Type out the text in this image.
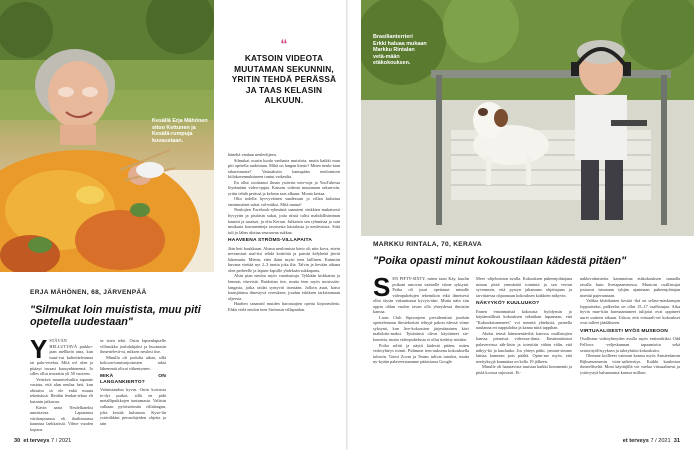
Kesällä Erja Mähönen sitoo Kettunen ja Kesälä-rumpuja kuvaustaan.
“
KATSOIN VIDEOTA MUUTAMAN SEKUNNIN, YRITIN TEHDÄ PERÄSSÄ JA TAAS KELASIN ALKUUN.
ERJA MÄHÖNEN, 68, JÄRVENPÄÄ
"Silmukat loin muistista, muu piti opetella uudestaan"

YSTÄVÄN HELLUTTAVÄ puikko-jaan mellkein aina, kun tutui-vat kaltoitteleamaa tai pala-verelaa. Mitä ovl olen ja pitäayt isuzasi kaasynhtenemä. Jo silles ollut teoraatin yli 50 vuoteen.

Veistävä maanivelsulttu tapaatte vastata, että alan neulaa heti, kun ohtsutta sä ole enkä muuta tekemässä. Heidän leudan-tekua eli kuinnin jatkuvaa.

Kävin aaria Neulelkateksi unnistavaa Lapuanssa värittarpiaassa eli ihailtemassa kaunista laekkarisiä. Vilme vuoden kopaoa

se siten tekii. Ostin lapsenlapselle villasukka joululahjaksi ja huomasin ihmettelevä-ni, miksen neulosi itse.

Minulla oli joululta aikaa, sillä kokoon-tumisrajoitusten takia lähemmät olivat vähentyneet.

MIKÄ ON LANGANKIERTO?

Valmistaudun hyvin. Ostin koivusta te-dyt puikot, sillä en pidä metallipuikkojen tuntumasta. Valitsin valkaan pyöristetmän villalangan, joka kestää kulutusta. Kyse-lin ystäväldäni perusohjeiden ohjetta ja tain

häneltä vanhan neuleohjeen.

Silmukat osasin luoda vanhasta muistista, mutta kaikki muu piti opetella uudestaan. Mikä on langan kierto? Miten neulo-taan takareunasta? Vastuaksiin kantapään neulomisen kiilakavennuksineen tuntui vaikealta.

En ollut osoittanut ilman ystäviin neu-voja ja YouTubesta löytämiäni video-oppia. Katsoin videota muutaman sekun-nin, yritin tehdä perässä ja kelasin taas alkuun. Monta kertaa.

Olin todella hyvvyväinen saadessani jo villan kuluttua ensimmäiset sukat val-miiksi. Mitä muuta!

Neulojien Facebook-ryhmästä saamieni vinkkien mukaisesti hyvyytin ja pistäisin sukat, jotta niistä tulisi mahdollisimman kauniit ja tasaiset, ja olin Kerran. Julkaisin sen ryhmässä ja sain muikaria kommentteja tasoisesta käsialasta ja neuleosista. Siitä tuli jo lähes alottaa seuraavaa sukkaa.

HAAVEENA STRÖMS-VILLAPAITA

Jäin heti koukkuun. Alussa neulomista hieto oli niin kova, ettein nevtamiset mal-tisi tehdä kotitöitä ja paivää kölyheää jäivät lukematta. Mietin, ettei ikäni myisi teen laillinen. Kuinniin kuvana viettää nyt 2–3 tuntia joka ilta. Talvin ja kevään aikana olen perheelle ja lapsen-lapsille yhdeksän sukkaparia.

Alsin pian neuloa myös varuksutuja. Tykkään kirkkaista ja lemmis värreistä. Raidoitan itse, mutta teen myös mosissäis-langasta, jotka raidat syntyvät itsestään. Jolloin asiat, katso kaaisjäänsu ilmestyvä vereuksen, joudun erkiksen tarkistamaan oljeesta.

Haaften sananrid muiden harrastajien opetta kirjoneuletta. Ehkä vielä neulon teen Strömsin villapaidan.

Brasilianterrieri Erkki haluaa mukaan Markku Rintalan vetä-mään etäkokouksen.
MARKKU RINTALA, 70, KERAVA
"Poika opasti minut kokoustilaan kädestä pitäen"

SEN PIFTY-SIXTY, miten taasi Käy, kuulin poikani sanovan vaimolle viime syksynä. Poika oli juuri opettanut minulle videopuhelujen tekemikon eikä ilmeisesti ollut täysin vakuuttunut kyvyis-täni. Mutta näin siin oppin ohlan vuolen tavan olla yhteydessä ihmisiin kanssa.

Lions Club Sipoonjoen presidenttinä jouduin opettelemaan iltesteketistä tehtyjä pakon edessä viime syksynä, kun live-kokousten järjestäminen kävi mahdotto-maksi. Tyttäränsä olivat käyttäneet sie-kometia, mutta videopuhelusta ei ollut tiedetty mitään.

Poika selitti ja näytti kädestä pitäen, miten videoyhteys toimii. Pidimme tren-auksena kokouksella tulosiin. Totesi Zoom ja Teams tulivat tutuiksi, mutta ny-kyään palaveerauamme pääasiassa Google

Meet -ohjelmiston avulla. Kokouksen puheenjohtajana minun piteä ymmärtää toiminta ja sen verran syvemmin, että pystyn jakamaan ohjeitajaan ja tarvittaessa ohjaamaan kokouksen kaikkien näkyvin.

NÄKYYKÖ? KUULUUKO?

Ennen ensimmäistä kokousta hyödynsin jo käytännöllisiä kokouksen tekniikan lupamaan, että "Kokoukstumenees" voi menetä yhtekisiä, painella naulanna eri nappulobta ja kanna niitä tappihan.

Aluksi teimä hämmentäviltä kaiossa osallistujien kanssa piemissä videossa-dasta. Ensimmäisissä palavereissa säh-läsin ja totesittin vähän välin, että näkyy-kö ja kuuluuko. Jos yhteys pätki, ymmär-simme laittaa kameran pois päältä. Opim-me myös, että neeityksyjä kannattaa on kello 19 jälkeen.

Minulle oli haastavista muistaa kaikki kommentit ja pitää koossa sujuvasti. Ei-

nakkivalmistetta kammottaa etäkokouksen sanaalla tavalla kuin livetapaamisessa. Muutoin osallistujat joutuvat istumaan tyhjän ajanmaan puheenjohtajan miettiä pajerrantaan.

Valikta klubilainen kestää -ikä on seläse-mäskompin loppiaiseksi, palkeelsa on ollut 15–17 osallistujaa. Aika hyvin mue-kiin harmaantuneet tulijoiat ovat oppineet uuret uutteen aikaan. Uskon, että virtuaali-set kokoukset ovat tulleet jäädäkseen.

VIRTUAALISESTI MYÖS MUSEOON

Osallistun videoyhteyden avulla myös entiserikiksi Odd Fellows -veljeskunnan tapaamisiin sekä seniorityöllisyyksen ja talotyhtiön kokouksiin.

Olemme koilleeet vaimoni kanssa myös Amsterdamin Rijksmuseumin virtu-aaliriesitys. Kaikki kuulostaa ihmeelliseltä. Moni käyttäjillä voi vaelaa virtuaalisesti ja ystävystyä haluamansa kanssa milloin

30 et terveys 7 / 2021	et terveys 7 / 2021 31
